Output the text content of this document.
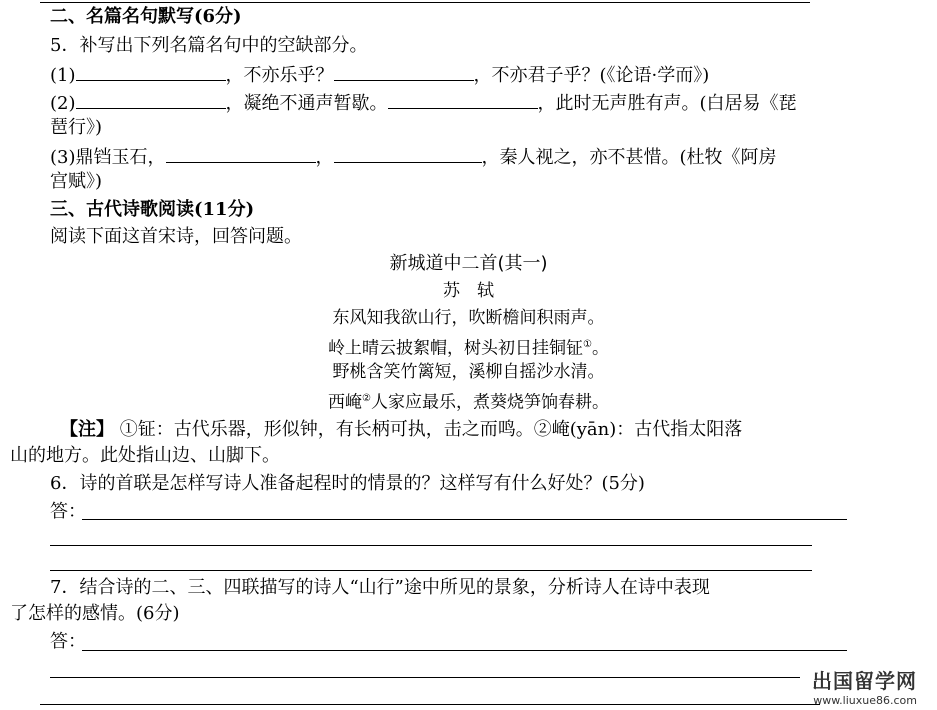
二、名篇名句默写(6分)
5．补写出下列名篇名句中的空缺部分。
(1)	，不亦乐乎？	，不亦君子乎？(《论语·学而》)
(2)	，凝绝不通声暂歇。	，此时无声胜有声。(白居易《琵
琶行》)
(3)鼎铛玉石，	，	，秦人视之，亦不甚惜。(杜牧《阿房
宫赋》)
三、古代诗歌阅读(11分)
阅读下面这首宋诗，回答问题。
新城道中二首(其一)
苏　轼
东风知我欲山行，吹断檐间积雨声。
岭上晴云披絮帽，树头初日挂铜钲①。
野桃含笑竹篱短，溪柳自摇沙水清。
西崦②人家应最乐，煮葵烧笋饷春耕。
【注】 ①钲：古代乐器，形似钟，有长柄可执，击之而鸣。②崦(yān)：古代指太阳落
山的地方。此处指山边、山脚下。
6．诗的首联是怎样写诗人准备起程时的情景的？这样写有什么好处？(5分)
答：
7．结合诗的二、三、四联描写的诗人“山行”途中所见的景象，分析诗人在诗中表现
了怎样的感情。(6分)
答：
出国留学网
www.liuxue86.com
